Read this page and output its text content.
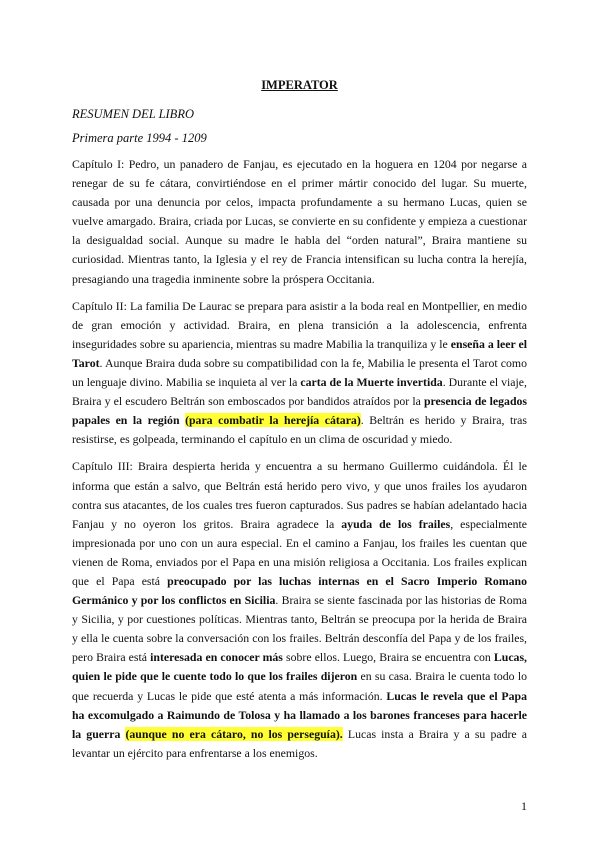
IMPERATOR
RESUMEN DEL LIBRO
Primera parte 1994 - 1209

Capítulo I: Pedro, un panadero de Fanjau, es ejecutado en la hoguera en 1204 por negarse a renegar de su fe cátara, convirtiéndose en el primer mártir conocido del lugar. Su muerte, causada por una denuncia por celos, impacta profundamente a su hermano Lucas, quien se vuelve amargado. Braira, criada por Lucas, se convierte en su confidente y empieza a cuestionar la desigualdad social. Aunque su madre le habla del “orden natural”, Braira mantiene su curiosidad. Mientras tanto, la Iglesia y el rey de Francia intensifican su lucha contra la herejía, presagiando una tragedia inminente sobre la próspera Occitania.

Capítulo II: La familia De Laurac se prepara para asistir a la boda real en Montpellier, en medio de gran emoción y actividad. Braira, en plena transición a la adolescencia, enfrenta inseguridades sobre su apariencia, mientras su madre Mabilia la tranquiliza y le enseña a leer el Tarot. Aunque Braira duda sobre su compatibilidad con la fe, Mabilia le presenta el Tarot como un lenguaje divino. Mabilia se inquieta al ver la carta de la Muerte invertida. Durante el viaje, Braira y el escudero Beltrán son emboscados por bandidos atraídos por la presencia de legados papales en la región (para combatir la herejía cátara). Beltrán es herido y Braira, tras resistirse, es golpeada, terminando el capítulo en un clima de oscuridad y miedo.

Capítulo III: Braira despierta herida y encuentra a su hermano Guillermo cuidándola. Él le informa que están a salvo, que Beltrán está herido pero vivo, y que unos frailes los ayudaron contra sus atacantes, de los cuales tres fueron capturados. Sus padres se habían adelantado hacia Fanjau y no oyeron los gritos. Braira agradece la ayuda de los frailes, especialmente impresionada por uno con un aura especial. En el camino a Fanjau, los frailes les cuentan que vienen de Roma, enviados por el Papa en una misión religiosa a Occitania. Los frailes explican que el Papa está preocupado por las luchas internas en el Sacro Imperio Romano Germánico y por los conflictos en Sicilia. Braira se siente fascinada por las historias de Roma y Sicilia, y por cuestiones políticas. Mientras tanto, Beltrán se preocupa por la herida de Braira y ella le cuenta sobre la conversación con los frailes. Beltrán desconfía del Papa y de los frailes, pero Braira está interesada en conocer más sobre ellos. Luego, Braira se encuentra con Lucas, quien le pide que le cuente todo lo que los frailes dijeron en su casa. Braira le cuenta todo lo que recuerda y Lucas le pide que esté atenta a más información. Lucas le revela que el Papa ha excomulgado a Raimundo de Tolosa y ha llamado a los barones franceses para hacerle la guerra (aunque no era cátaro, no los perseguía). Lucas insta a Braira y a su padre a levantar un ejército para enfrentarse a los enemigos.

1
